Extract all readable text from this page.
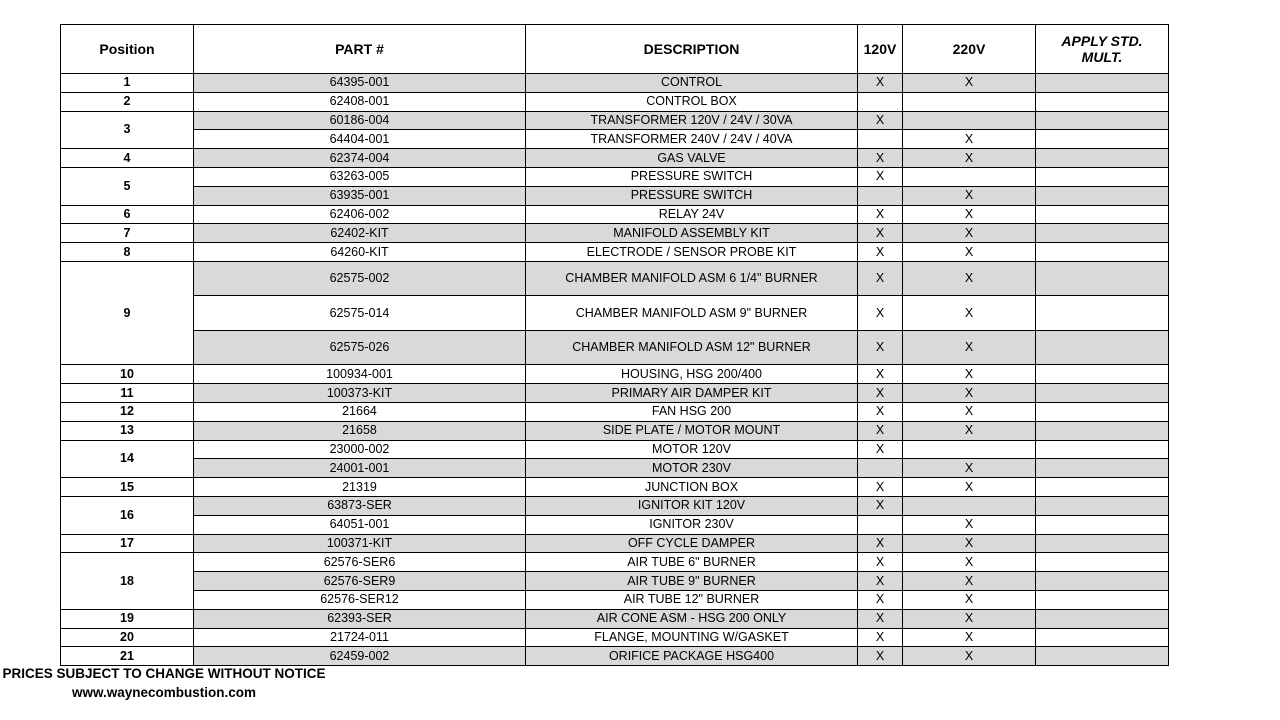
Position	PART #	DESCRIPTION	120V	220V	APPLY STD.
MULT.
1	64395-001	CONTROL	X	X	
2	62408-001	CONTROL BOX			
3	60186-004	TRANSFORMER 120V / 24V / 30VA	X		
	64404-001	TRANSFORMER 240V / 24V / 40VA		X	
4	62374-004	GAS VALVE	X	X	
5	63263-005	PRESSURE SWITCH	X		
	63935-001	PRESSURE SWITCH		X	
6	62406-002	RELAY 24V	X	X	
7	62402-KIT	MANIFOLD ASSEMBLY KIT	X	X	
8	64260-KIT	ELECTRODE / SENSOR PROBE KIT	X	X	
9	62575-002	CHAMBER MANIFOLD ASM 6 1/4" BURNER	X	X	
	62575-014	CHAMBER MANIFOLD ASM 9" BURNER	X	X	
	62575-026	CHAMBER MANIFOLD ASM 12" BURNER	X	X	
10	100934-001	HOUSING, HSG 200/400	X	X	
11	100373-KIT	PRIMARY AIR DAMPER KIT	X	X	
12	21664	FAN HSG 200	X	X	
13	21658	SIDE PLATE / MOTOR MOUNT	X	X	
14	23000-002	MOTOR 120V	X		
	24001-001	MOTOR 230V		X	
15	21319	JUNCTION BOX	X	X	
16	63873-SER	IGNITOR KIT 120V	X		
	64051-001	IGNITOR 230V		X	
17	100371-KIT	OFF CYCLE DAMPER	X	X	
18	62576-SER6	AIR TUBE 6" BURNER	X	X	
	62576-SER9	AIR TUBE 9" BURNER	X	X	
	62576-SER12	AIR TUBE 12" BURNER	X	X	
19	62393-SER	AIR CONE ASM - HSG 200 ONLY	X	X	
20	21724-011	FLANGE, MOUNTING W/GASKET	X	X	
21	62459-002	ORIFICE PACKAGE HSG400	X	X	
PRICES SUBJECT TO CHANGE WITHOUT NOTICE
www.waynecombustion.com
